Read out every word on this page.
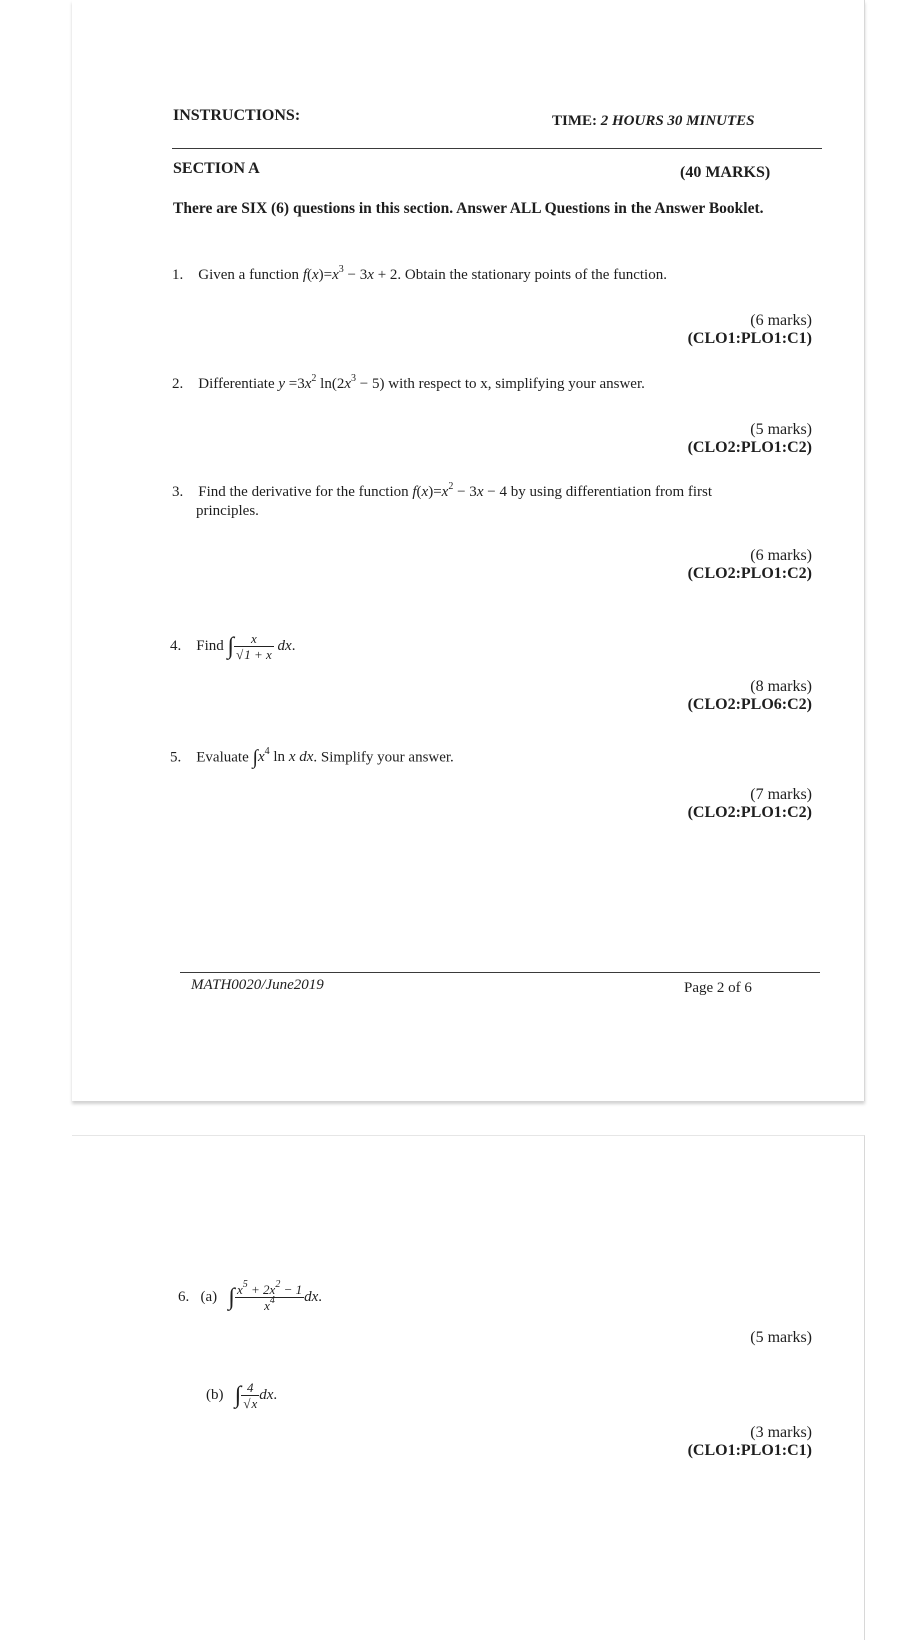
INSTRUCTIONS:	TIME: 2 HOURS 30 MINUTES
SECTION A	(40 MARKS)
There are SIX (6) questions in this section. Answer ALL Questions in the Answer Booklet.
1. Given a function $f(x)=x^3 - 3x + 2$. Obtain the stationary points of the function.
(6 marks)
(CLO1:PLO1:C1)
2. Differentiate $y =3x^2$ $\ln(2x^3 - 5)$ with respect to x, simplifying your answer.
(5 marks)
(CLO2:PLO1:C2)
3. Find the derivative for the function $f(x)=x^2 - 3x - 4$ by using differentiation from first
principles.
(6 marks)
(CLO2:PLO1:C2)
4. Find ∫ $\frac{x}{√1 + x}$ dx.
(8 marks)
(CLO2:PLO6:C2)
5. Evaluate $\int x^4$ ln x dx. Simplify your answer.
(7 marks)
(CLO2:PLO1:C2)
MATH0020/June2019	Page 2 of 6
6. (a) ∫ $\frac{x^5 + 2x^2 - 1}{x^4}$ dx.
(5 marks)
(b) ∫ $\frac{4}{√x}$ dx.
(3 marks)
(CLO1:PLO1:C1)
